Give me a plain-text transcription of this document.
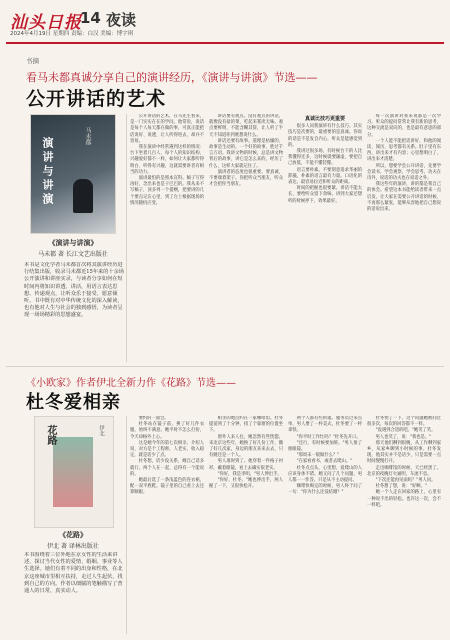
汕头日报
14 夜读
2024年4月19日 星期四 责编：白汉 美编：博宇琪
书摘
看马未都真诚分享自己的演讲经历，《演讲与讲演》节选——
公开讲话的艺术
演讲与讲演
马未都
《演讲与讲演》
马未都 著 长江文艺出版社
本书是文化学者马未都首次将其演讲经历进行结集出版，收录马未都近15年来的十余场公开演讲和讲座实录，与读者分享如何在短时间内将知识讲透、讲活，用语言表达思想、传递观点，让听众乐于接受、愿意倾听。书中既有对中华传统文化的深入解读，也有他对人生与社会的独到感悟，为读者呈现一场场精彩的思想盛宴。

公开讲话的艺术，在马先生看来，是一门实实在在的学问。他常说，说话是每个人每天都在做的事，可真正能把话说好、说透、让人听得进去，却并不容易。

我在演讲中经常遇到这样的情况：台下坐着几百人，每个人的知识结构、兴趣爱好都不一样，如何让大家都听得明白、听得有兴趣，这就需要讲者有相当的功力。

演讲最怕的是照本宣科。稿子写得再好，念出来也是干巴巴的。我从来不写稿子，顶多列一个提纲，把要讲的几个要点记在心里，到了台上根据现场的情况随机应变。

讲话要有观点。没有观点的讲话，就像没有盐的菜，吃起来寡淡无味。观点要鲜明，不能含糊其辞，让人听了半天不知道你到底想说什么。

讲话还要有故事。道理是枯燥的，故事是生动的。一个好的故事，胜过千言万语。我讲文物的时候，总是讲文物背后的故事，讲它是怎么来的，经历了什么，这样大家就记住了。

演讲者的态度也很重要。要真诚，不要端着架子。你把听众当朋友，听众才会把你当朋友。

真诚比技巧更重要

很多人问我演讲有什么技巧。其实技巧是次要的，最重要的是真诚。你说的话是不是发自内心，听众是能感觉到的。

我讲过很多场，有时候台下的人比我懂得还多，这时候就要谦虚，要把自己放低，不能不懂装懂。

语言要朴素。不要刻意追求华丽的辞藻，朴素的语言最有力量。口语化的表达，最容易拉近和听众的距离。

时间的把握也很要紧。讲话不能太长，要给听众留下余味，讲到大家还想听的时候停下，效果最好。

每一次演讲对我来说都是一次学习。听众的提问常常让我有新的思考，这种交流是双向的，也是最有意思的部分。

一个人能不能把话讲好，和他的阅读、阅历、思考都有关系。肚子里有东西，讲出来才有内容；心里想明白了，讲出来才清楚。

所以，想要学会公开讲话，先要学会读书，学会观察，学会思考。功夫在诗外，说话的功夫也在说话之外。

我这些年的演讲，讲的都是我自己的体会。希望这本书能给读者带来一点启发，让大家在需要公开讲话的时候，不再那么紧张，能够从容地把自己想说的话说出来。

《小欧家》作者伊北全新力作《花路》节选——
杜冬爱相亲
花路	伊北
《花路》
伊北 著 译林出版社
本书围绕着三位外地在京女性的生活来讲述，探讨当代女性的爱情、婚姻、事业等人生选择。她们有着不同的出身和性格，在北京这座城市里相互扶持，走过人生起伏，找到自己的方向。作者以细腻的笔触描写了普通人的日常，真实动人。

要约的一面会。

杜冬站在镜子前，换了好几件衣服，始终不满意。她平时不怎么打扮，今天却格外上心。

这是她今年的第七次相亲。介绍人说，对方是个工程师，人老实，收入稳定，就是话少了点。

杜冬想，话少没关系，她自己话多就行。两个人在一起，总得有一个能说的。

她最后选了一条浅蓝色的连衣裙，配一双平底鞋。镜子里的自己看上去还算顺眼。

相亲的地点约在一家咖啡馆。杜冬提前到了十分钟，找了个靠窗的位置坐下。

窗外人来人往，她忽然有些恍惚。来北京这些年，她换了好几份工作，搬了好几次家，身边的朋友来来去去，只有她还是一个人。

男人准时到了。他穿着一件格子衬衫，戴着眼镜，看上去确实很老实。

"你好，我是李明。"男人伸出手。

"你好，杜冬。"她也伸出手，两人握了一下，又很快松开。

两个人都有些拘谨。服务员过来点单，男人要了一杯美式，杜冬要了一杯拿铁。

"你平时工作忙吗？"杜冬先开口。

"还行，有时候要加班。"男人推了推眼镜。

"那周末一般做什么？"

"在家看看书，或者去爬山。"

杜冬点点头，心里想，爱爬山的人应该身体不错。她又问了几个问题，男人都一一作答，只是从不主动提问。

咖啡快喝完的时候，男人终于问了一句："你为什么还没结婚？"

杜冬愣了一下，这个问题她被问过很多次，每次的回答都不一样。

"没遇到合适的吧。"她笑了笑。

男人也笑了，说："我也是。"

那天他们聊到很晚，从工作聊到家乡，从家乡聊到小时候的事。杜冬发现，他其实并不是话少，只是需要一点时间慢慢打开。

走出咖啡馆的时候，天已经黑了。北京的夜晚灯火通明，车流不息。

"下次还能再见面吗？"男人问。

杜冬想了想，说："好啊。"

她一个人走在回家的路上，心里有一种说不出的轻松。也许这一次，会不一样吧。
